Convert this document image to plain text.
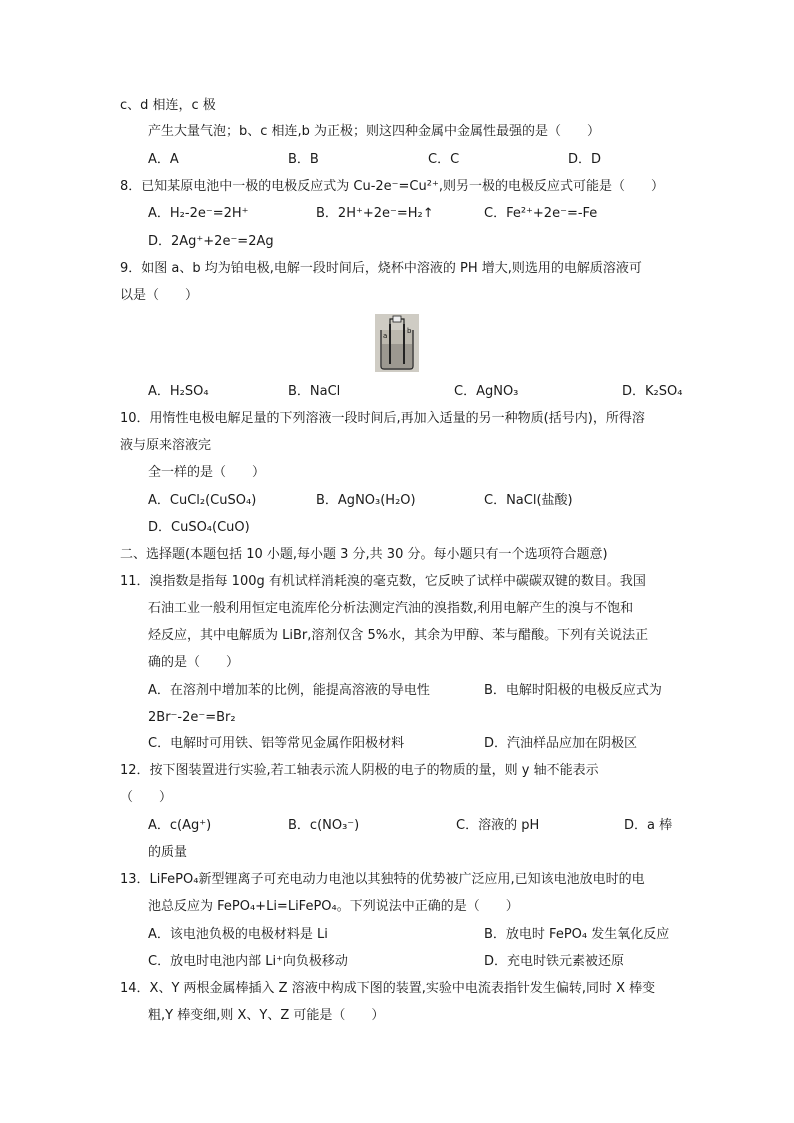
c、d 相连，c 极
产生大量气泡；b、c 相连,b 为正极；则这四种金属中金属性最强的是（　　）
A．A	B．B	C．C	D．D
8．已知某原电池中一极的电极反应式为 Cu-2e⁻=Cu²⁺,则另一极的电极反应式可能是（　　）
A．H₂-2e⁻=2H⁺	B．2H⁺+2e⁻=H₂↑	C．Fe²⁺+2e⁻=-Fe
D．2Ag⁺+2e⁻=2Ag
9．如图 a、b 均为铂电极,电解一段时间后，烧杯中溶液的 PH 增大,则选用的电解质溶液可
以是（　　）
a
b
A．H₂SO₄	B．NaCl	C．AgNO₃	D．K₂SO₄
10．用惰性电极电解足量的下列溶液一段时间后,再加入适量的另一种物质(括号内)，所得溶
液与原来溶液完
全一样的是（　　）
A．CuCl₂(CuSO₄)	B．AgNO₃(H₂O)	C．NaCl(盐酸)
D．CuSO₄(CuO)
二、选择题(本题包括 10 小题,每小题 3 分,共 30 分。每小题只有一个选项符合题意)
11．溴指数是指每 100g 有机试样消耗溴的毫克数，它反映了试样中碳碳双键的数目。我国
石油工业一般利用恒定电流库伦分析法测定汽油的溴指数,利用电解产生的溴与不饱和
烃反应，其中电解质为 LiBr,溶剂仅含 5%水，其余为甲醇、苯与醋酸。下列有关说法正
确的是（　　）
A．在溶剂中增加苯的比例，能提高溶液的导电性	B．电解时阳极的电极反应式为
2Br⁻-2e⁻=Br₂
C．电解时可用铁、铝等常见金属作阳极材料	D．汽油样品应加在阴极区
12．按下图装置进行实验,若工轴表示流人阴极的电子的物质的量，则 y 轴不能表示
（　　）
A．c(Ag⁺)	B．c(NO₃⁻)	C．溶液的 pH	D．a 棒
的质量
13．LiFePO₄新型锂离子可充电动力电池以其独特的优势被广泛应用,已知该电池放电时的电
池总反应为 FePO₄+Li=LiFePO₄。下列说法中正确的是（　　）
A．该电池负极的电极材料是 Li	B．放电时 FePO₄ 发生氧化反应
C．放电时电池内部 Li⁺向负极移动	D．充电时铁元素被还原
14．X、Y 两根金属棒插入 Z 溶液中构成下图的装置,实验中电流表指针发生偏转,同时 X 棒变
粗,Y 棒变细,则 X、Y、Z 可能是（　　）
